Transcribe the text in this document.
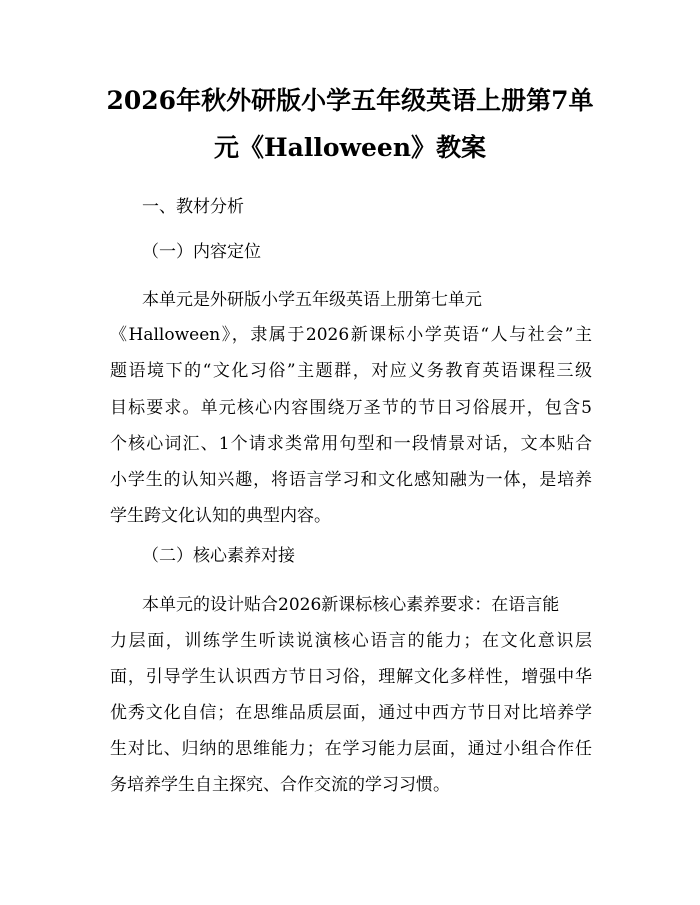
2026年秋外研版小学五年级英语上册第7单
元《Halloween》教案
一、教材分析
（一）内容定位
本单元是外研版小学五年级英语上册第七单元
《Halloween》，隶属于2026新课标小学英语“人与社会”主
题语境下的“文化习俗”主题群，对应义务教育英语课程三级
目标要求。单元核心内容围绕万圣节的节日习俗展开，包含5
个核心词汇、1个请求类常用句型和一段情景对话，文本贴合
小学生的认知兴趣，将语言学习和文化感知融为一体，是培养
学生跨文化认知的典型内容。
（二）核心素养对接
本单元的设计贴合2026新课标核心素养要求：在语言能
力层面，训练学生听读说演核心语言的能力；在文化意识层
面，引导学生认识西方节日习俗，理解文化多样性，增强中华
优秀文化自信；在思维品质层面，通过中西方节日对比培养学
生对比、归纳的思维能力；在学习能力层面，通过小组合作任
务培养学生自主探究、合作交流的学习习惯。
